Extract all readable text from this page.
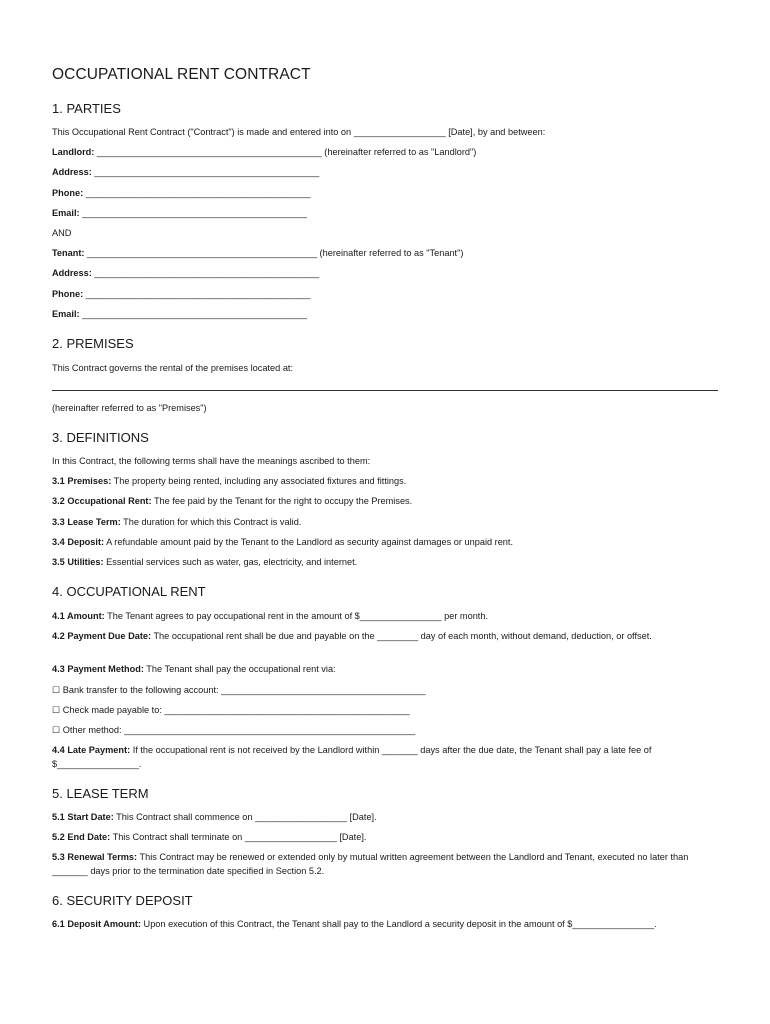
OCCUPATIONAL RENT CONTRACT
1. PARTIES
This Occupational Rent Contract ("Contract") is made and entered into on __________________ [Date], by and between:
Landlord: ____________________________________________ (hereinafter referred to as "Landlord")
Address: ____________________________________________
Phone: ____________________________________________
Email: ____________________________________________
AND
Tenant: _____________________________________________ (hereinafter referred to as "Tenant")
Address: ____________________________________________
Phone: ____________________________________________
Email: ____________________________________________
2. PREMISES
This Contract governs the rental of the premises located at:
(hereinafter referred to as "Premises")
3. DEFINITIONS
In this Contract, the following terms shall have the meanings ascribed to them:
3.1 Premises: The property being rented, including any associated fixtures and fittings.
3.2 Occupational Rent: The fee paid by the Tenant for the right to occupy the Premises.
3.3 Lease Term: The duration for which this Contract is valid.
3.4 Deposit: A refundable amount paid by the Tenant to the Landlord as security against damages or unpaid rent.
3.5 Utilities: Essential services such as water, gas, electricity, and internet.
4. OCCUPATIONAL RENT
4.1 Amount: The Tenant agrees to pay occupational rent in the amount of $________________ per month.
4.2 Payment Due Date: The occupational rent shall be due and payable on the ________ day of each month, without demand, deduction, or offset.
4.3 Payment Method: The Tenant shall pay the occupational rent via:
☐ Bank transfer to the following account: ________________________________________
☐ Check made payable to: ________________________________________________
☐ Other method: _________________________________________________________
4.4 Late Payment: If the occupational rent is not received by the Landlord within _______ days after the due date, the Tenant shall pay a late fee of $________________.
5. LEASE TERM
5.1 Start Date: This Contract shall commence on __________________ [Date].
5.2 End Date: This Contract shall terminate on __________________ [Date].
5.3 Renewal Terms: This Contract may be renewed or extended only by mutual written agreement between the Landlord and Tenant, executed no later than _______ days prior to the termination date specified in Section 5.2.
6. SECURITY DEPOSIT
6.1 Deposit Amount: Upon execution of this Contract, the Tenant shall pay to the Landlord a security deposit in the amount of $________________.
